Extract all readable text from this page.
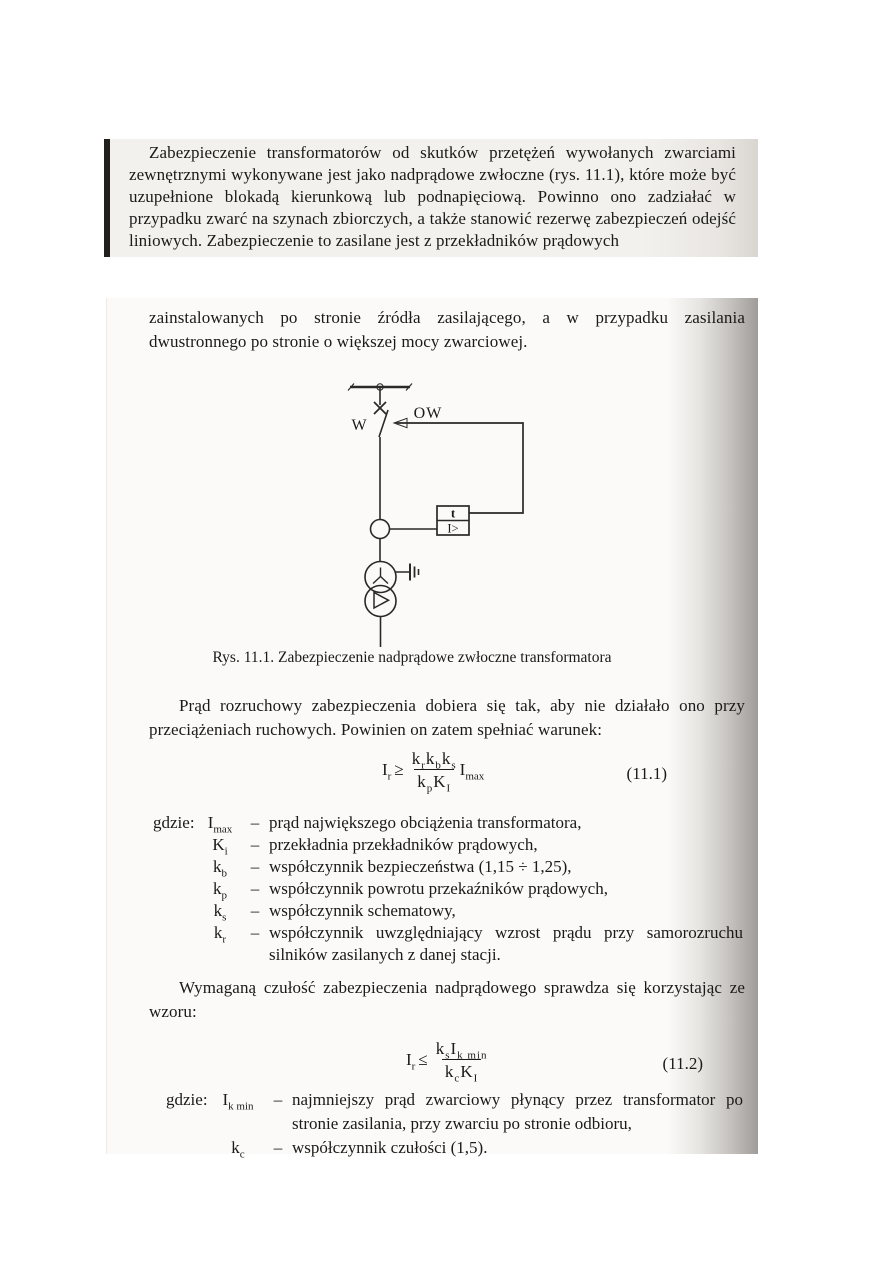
Zabezpieczenie transformatorów od skutków przetężeń wywołanych zwarciami zewnętrznymi wykonywane jest jako nadprądowe zwłoczne (rys. 11.1), które może być uzupełnione blokadą kierunkową lub podnapięciową. Powinno ono zadziałać w przypadku zwarć na szynach zbiorczych, a także stanowić rezerwę zabezpieczeń odejść liniowych. Zabezpieczenie to zasilane jest z przekładników prądowych

zainstalowanych po stronie źródła zasilającego, a w przypadku zasilania dwustronnego po stronie o większej mocy zwarciowej.

W
OW
t
I>

Rys. 11.1. Zabezpieczenie nadprądowe zwłoczne transformatora

Prąd rozruchowy zabezpieczenia dobiera się tak, aby nie działało ono przy przeciążeniach ruchowych. Powinien on zatem spełniać warunek:

$I_r \ge \frac{k_rk_bk_s}{k_pK_I} I_{max}$	(11.1)
gdzie: $I_{max}$	– prąd największego obciążenia transformatora,
$K_i$	– przekładnia przekładników prądowych,
$k_b$	– współczynnik bezpieczeństwa (1,15 ÷ 1,25),
$k_p$	– współczynnik powrotu przekaźników prądowych,
$k_s$	– współczynnik schematowy,
$k_r$	– współczynnik uwzględniający wzrost prądu przy samorozruchu silników zasilanych z danej stacji.

Wymaganą czułość zabezpieczenia nadprądowego sprawdza się korzystając ze wzoru:

$I_r \le \frac{k_sI_{k min}}{k_cK_I}$	(11.2)
gdzie: $I_{k min}$	– najmniejszy prąd zwarciowy płynący przez transformator po stronie zasilania, przy zwarciu po stronie odbioru,
$k_c$	– współczynnik czułości (1,5).
